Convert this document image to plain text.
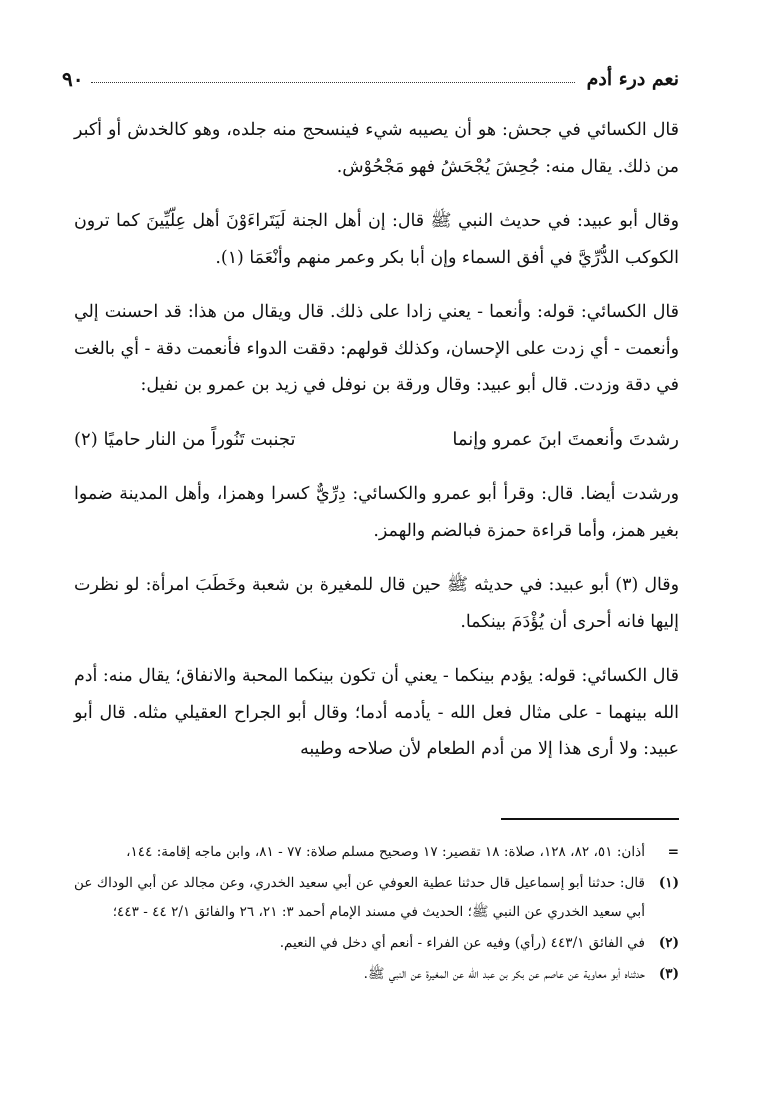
نعم درء أدم
٩٠

قال الكسائي في جحش: هو أن يصيبه شيء فينسحج منه جلده، وهو كالخدش أو أكبر من ذلك. يقال منه: جُحِشَ يُجْحَشُ فهو مَجْحُوْش.

وقال أبو عبيد: في حديث النبي ﷺ قال: إن أهل الجنة لَيَتَراءَوْنَ أهل عِلّيِّينَ كما ترون الكوكب الدُّرِّيَّ في أفق السماء وإن أبا بكر وعمر منهم وأنْعَمَا (١).

قال الكسائي: قوله: وأنعما - يعني زادا على ذلك. قال ويقال من هذا: قد احسنت إلي وأنعمت - أي زدت على الإحسان، وكذلك قولهم: دققت الدواء فأنعمت دقة - أي بالغت في دقة وزدت. قال أبو عبيد: وقال ورقة بن نوفل في زيد بن عمرو بن نفيل:

رشدتَ وأنعمتَ ابنَ عمرو وإنما
تجنبت تَنُوراً من النار حاميًا (٢)

ورشدت أيضا. قال: وقرأ أبو عمرو والكسائي: دِرِّيٌّ كسرا وهمزا، وأهل المدينة ضموا بغير همز، وأما قراءة حمزة فبالضم والهمز.

وقال (٣) أبو عبيد: في حديثه ﷺ حين قال للمغيرة بن شعبة وخَطَبَ امرأة: لو نظرت إليها فانه أحرى أن يُؤْدَمَ بينكما.

قال الكسائي: قوله: يؤدم بينكما - يعني أن تكون بينكما المحبة والانفاق؛ يقال منه: أدم الله بينهما - على مثال فعل الله - يأدمه أدما؛ وقال أبو الجراح العقيلي مثله. قال أبو عبيد: ولا أرى هذا إلا من أدم الطعام لأن صلاحه وطيبه

=
أذان: ٥١، ٨٢، ١٢٨، صلاة: ١٨ تقصير: ١٧ وصحيح مسلم صلاة: ٧٧ - ٨١، وابن ماجه إقامة: ١٤٤،
(١)
قال: حدثنا أبو إسماعيل قال حدثنا عطية العوفي عن أبي سعيد الخدري، وعن مجالد عن أبي الوداك عن أبي سعيد الخدري عن النبي ﷺ؛ الحديث في مسند الإمام أحمد ٣: ٢١، ٢٦ والفائق ٢/١ ٤٤ - ٤٤٣؛
(٢)
في الفائق ٤٤٣/١ (رأي) وفيه عن الفراء - أنعم أي دخل في النعيم.
(٣)
حدثناه أبو معاوية عن عاصم عن بكر بن عبد الله عن المغيرة عن النبي ﷺ.
